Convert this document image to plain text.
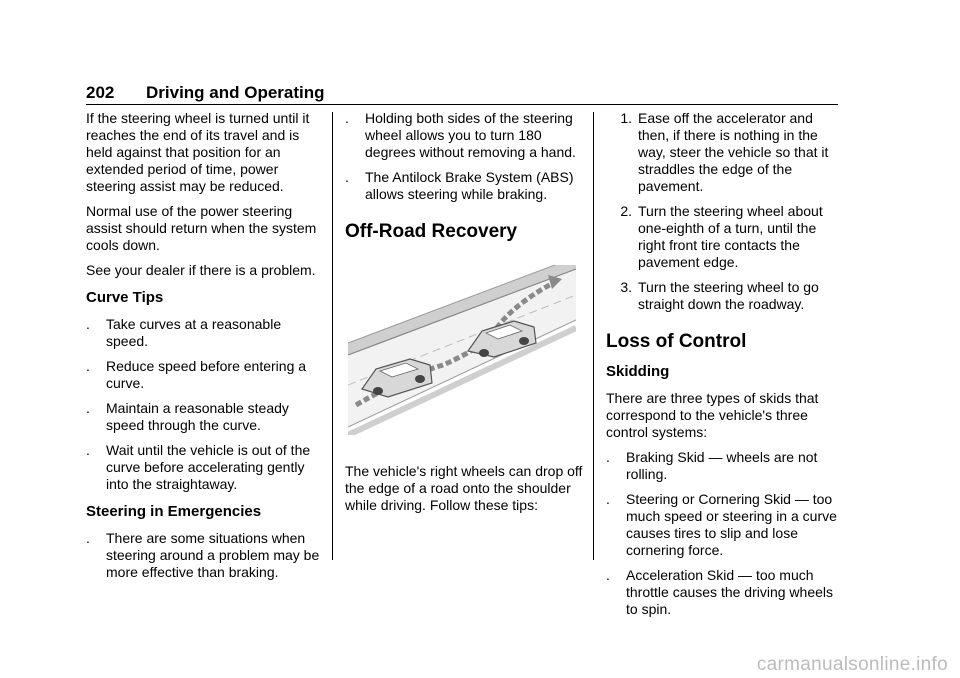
202 Driving and Operating

If the steering wheel is turned until it reaches the end of its travel and is held against that position for an extended period of time, power steering assist may be reduced.

Normal use of the power steering assist should return when the system cools down.

See your dealer if there is a problem.

Curve Tips
. Take curves at a reasonable speed.
. Reduce speed before entering a curve.
. Maintain a reasonable steady speed through the curve.
. Wait until the vehicle is out of the curve before accelerating gently into the straightaway.
Steering in Emergencies
. There are some situations when steering around a problem may be more effective than braking.
. Holding both sides of the steering wheel allows you to turn 180 degrees without removing a hand.
. The Antilock Brake System (ABS) allows steering while braking.
Off-Road Recovery

The vehicle's right wheels can drop off the edge of a road onto the shoulder while driving. Follow these tips:

1. Ease off the accelerator and then, if there is nothing in the way, steer the vehicle so that it straddles the edge of the pavement.
2. Turn the steering wheel about one-eighth of a turn, until the right front tire contacts the pavement edge.
3. Turn the steering wheel to go straight down the roadway.
Loss of Control
Skidding

There are three types of skids that correspond to the vehicle's three control systems:

. Braking Skid — wheels are not rolling.
. Steering or Cornering Skid — too much speed or steering in a curve causes tires to slip and lose cornering force.
. Acceleration Skid — too much throttle causes the driving wheels to spin.
carmanualsonline.info
